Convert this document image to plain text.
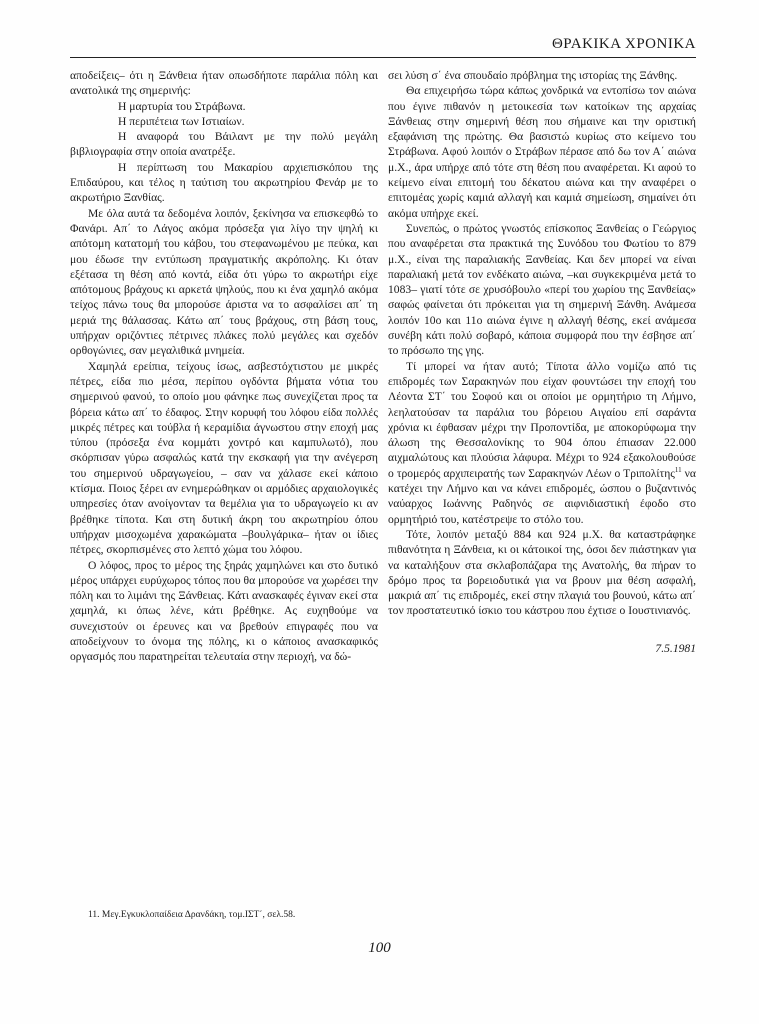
ΘΡΑΚΙΚΑ ΧΡΟΝΙΚΑ

αποδείξεις– ότι η Ξάνθεια ήταν οπωσδήποτε παράλια πόλη και ανατολικά της σημερινής:

Η μαρτυρία του Στράβωνα.

Η περιπέτεια των Ιστιαίων.

Η αναφορά του Βάιλαντ με την πολύ μεγάλη βιβλιογραφία στην οποία ανατρέξε.

Η περίπτωση του Μακαρίου αρχιεπισκόπου της Επιδαύρου, και τέλος η ταύτιση του ακρωτηρίου Φενάρ με το ακρωτήριο Ξανθίας.

Με όλα αυτά τα δεδομένα λοιπόν, ξεκίνησα να επισκεφθώ το Φανάρι. Απ΄ το Λάγος ακόμα πρόσεξα για λίγο την ψηλή κι απότομη κατατομή του κάβου, του στεφανωμένου με πεύκα, και μου έδωσε την εντύπωση πραγματικής ακρόπολης. Κι όταν εξέτασα τη θέση από κοντά, είδα ότι γύρω το ακρωτήρι είχε απότομους βράχους κι αρκετά ψηλούς, που κι ένα χαμηλό ακόμα τείχος πάνω τους θα μπορούσε άριστα να το ασφαλίσει απ΄ τη μεριά της θάλασσας. Κάτω απ΄ τους βράχους, στη βάση τους, υπήρχαν οριζόντιες πέτρινες πλάκες πολύ μεγάλες και σχεδόν ορθογώνιες, σαν μεγαλιθικά μνημεία.

Χαμηλά ερείπια, τείχους ίσως, ασβεστόχτιστου με μικρές πέτρες, είδα πιο μέσα, περίπου ογδόντα βήματα νότια του σημερινού φανού, το οποίο μου φάνηκε πως συνεχίζεται προς τα βόρεια κάτω απ΄ το έδαφος. Στην κορυφή του λόφου είδα πολλές μικρές πέτρες και τούβλα ή κεραμίδια άγνωστου στην εποχή μας τύπου (πρόσεξα ένα κομμάτι χοντρό και καμπυλωτό), που σκόρπισαν γύρω ασφαλώς κατά την εκσκαφή για την ανέγερση του σημερινού υδραγωγείου, – σαν να χάλασε εκεί κάποιο κτίσμα. Ποιος ξέρει αν ενημερώθηκαν οι αρμόδιες αρχαιολογικές υπηρεσίες όταν ανοίγονταν τα θεμέλια για το υδραγωγείο κι αν βρέθηκε τίποτα. Και στη δυτική άκρη του ακρωτηρίου όπου υπήρχαν μισοχωμένα χαρακώματα –βουλγάρικα– ήταν οι ίδιες πέτρες, σκορπισμένες στο λεπτό χώμα του λόφου.

Ο λόφος, προς το μέρος της ξηράς χαμηλώνει και στο δυτικό μέρος υπάρχει ευρύχωρος τόπος που θα μπορούσε να χωρέσει την πόλη και το λιμάνι της Ξάνθειας. Κάτι ανασκαφές έγιναν εκεί στα χαμηλά, κι όπως λένε, κάτι βρέθηκε. Ας ευχηθούμε να συνεχιστούν οι έρευνες και να βρεθούν επιγραφές που να αποδείχνουν το όνομα της πόλης, κι ο κάποιος ανασκαφικός οργασμός που παρατηρείται τελευταία στην περιοχή, να δώ-

σει λύση σ΄ ένα σπουδαίο πρόβλημα της ιστορίας της Ξάνθης.

Θα επιχειρήσω τώρα κάπως χονδρικά να εντοπίσω τον αιώνα που έγινε πιθανόν η μετοικεσία των κατοίκων της αρχαίας Ξάνθειας στην σημερινή θέση που σήμαινε και την οριστική εξαφάνιση της πρώτης. Θα βασιστώ κυρίως στο κείμενο του Στράβωνα. Αφού λοιπόν ο Στράβων πέρασε από δω τον Α΄ αιώνα μ.Χ., άρα υπήρχε από τότε στη θέση που αναφέρεται. Κι αφού το κείμενο είναι επιτομή του δέκατου αιώνα και την αναφέρει ο επιτομέας χωρίς καμιά αλλαγή και καμιά σημείωση, σημαίνει ότι ακόμα υπήρχε εκεί.

Συνεπώς, ο πρώτος γνωστός επίσκοπος Ξανθείας ο Γεώργιος που αναφέρεται στα πρακτικά της Συνόδου του Φωτίου το 879 μ.Χ., είναι της παραλιακής Ξανθείας. Και δεν μπορεί να είναι παραλιακή μετά τον ενδέκατο αιώνα, –και συγκεκριμένα μετά το 1083– γιατί τότε σε χρυσόβουλο «περί του χωρίου της Ξανθείας» σαφώς φαίνεται ότι πρόκειται για τη σημερινή Ξάνθη. Ανάμεσα λοιπόν 10ο και 11ο αιώνα έγινε η αλλαγή θέσης, εκεί ανάμεσα συνέβη κάτι πολύ σοβαρό, κάποια συμφορά που την έσβησε απ΄ το πρόσωπο της γης.

Τί μπορεί να ήταν αυτό; Τίποτα άλλο νομίζω από τις επιδρομές των Σαρακηνών που είχαν φουντώσει την εποχή του Λέοντα ΣΤ΄ του Σοφού και οι οποίοι με ορμητήριο τη Λήμνο, λεηλατούσαν τα παράλια του βόρειου Αιγαίου επί σαράντα χρόνια κι έφθασαν μέχρι την Προποντίδα, με αποκορύφωμα την άλωση της Θεσσαλονίκης το 904 όπου έπιασαν 22.000 αιχμαλώτους και πλούσια λάφυρα. Μέχρι το 924 εξακολουθούσε ο τρομερός αρχιπειρατής των Σαρακηνών Λέων ο Τριπολίτης$^{11}$ να κατέχει την Λήμνο και να κάνει επιδρομές, ώσπου ο βυζαντινός ναύαρχος Ιωάννης Ραδηνός σε αιφνιδιαστική έφοδο στο ορμητήριό του, κατέστρεψε το στόλο του.

Τότε, λοιπόν μεταξύ 884 και 924 μ.Χ. θα καταστράφηκε πιθανότητα η Ξάνθεια, κι οι κάτοικοί της, όσοι δεν πιάστηκαν για να καταλήξουν στα σκλαβοπάζαρα της Ανατολής, θα πήραν το δρόμο προς τα βορειοδυτικά για να βρουν μια θέση ασφαλή, μακριά απ΄ τις επιδρομές, εκεί στην πλαγιά του βουνού, κάτω απ΄ τον προστατευτικό ίσκιο του κάστρου που έχτισε ο Ιουστινιανός.

7.5.1981

11. Μεγ.Εγκυκλοπαίδεια Δρανδάκη, τομ.ΙΣΤ΄, σελ.58.
100
